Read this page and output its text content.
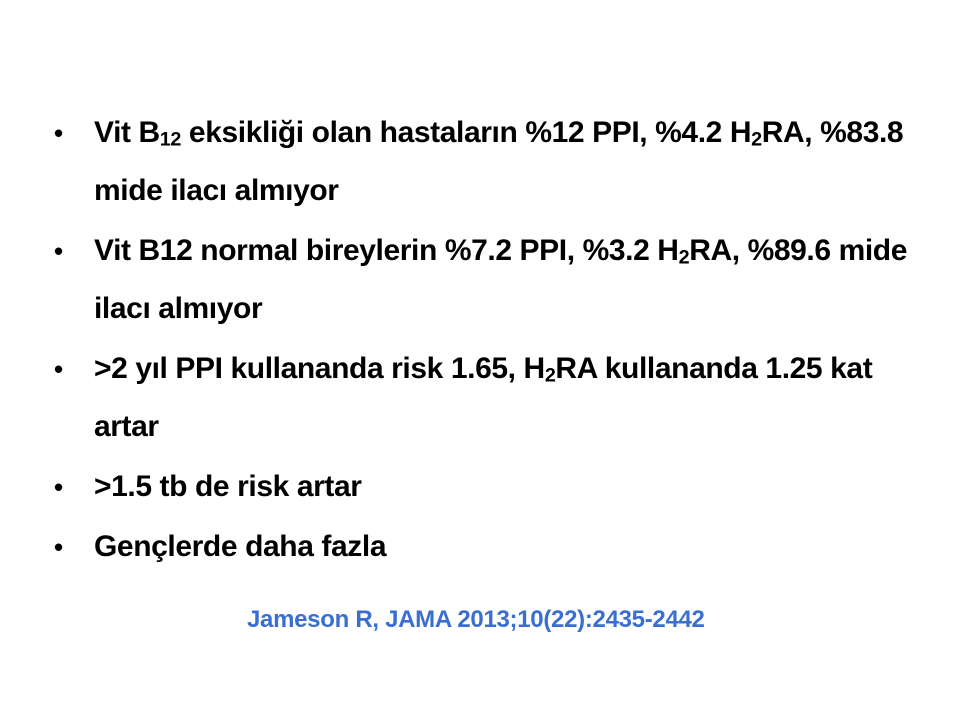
• Vit $B_{12}$ eksikliği olan hastaların %12 PPI, %4.2 $H_2RA$, %83.8 mide ilacı almıyor
• Vit B12 normal bireylerin %7.2 PPI, %3.2 $H_2RA$, %89.6 mide ilacı almıyor
• >2 yıl PPI kullananda risk 1.65, $H_2RA$ kullananda 1.25 kat artar
• >1.5 tb de risk artar
• Gençlerde daha fazla
Jameson R, JAMA 2013;10(22):2435-2442
